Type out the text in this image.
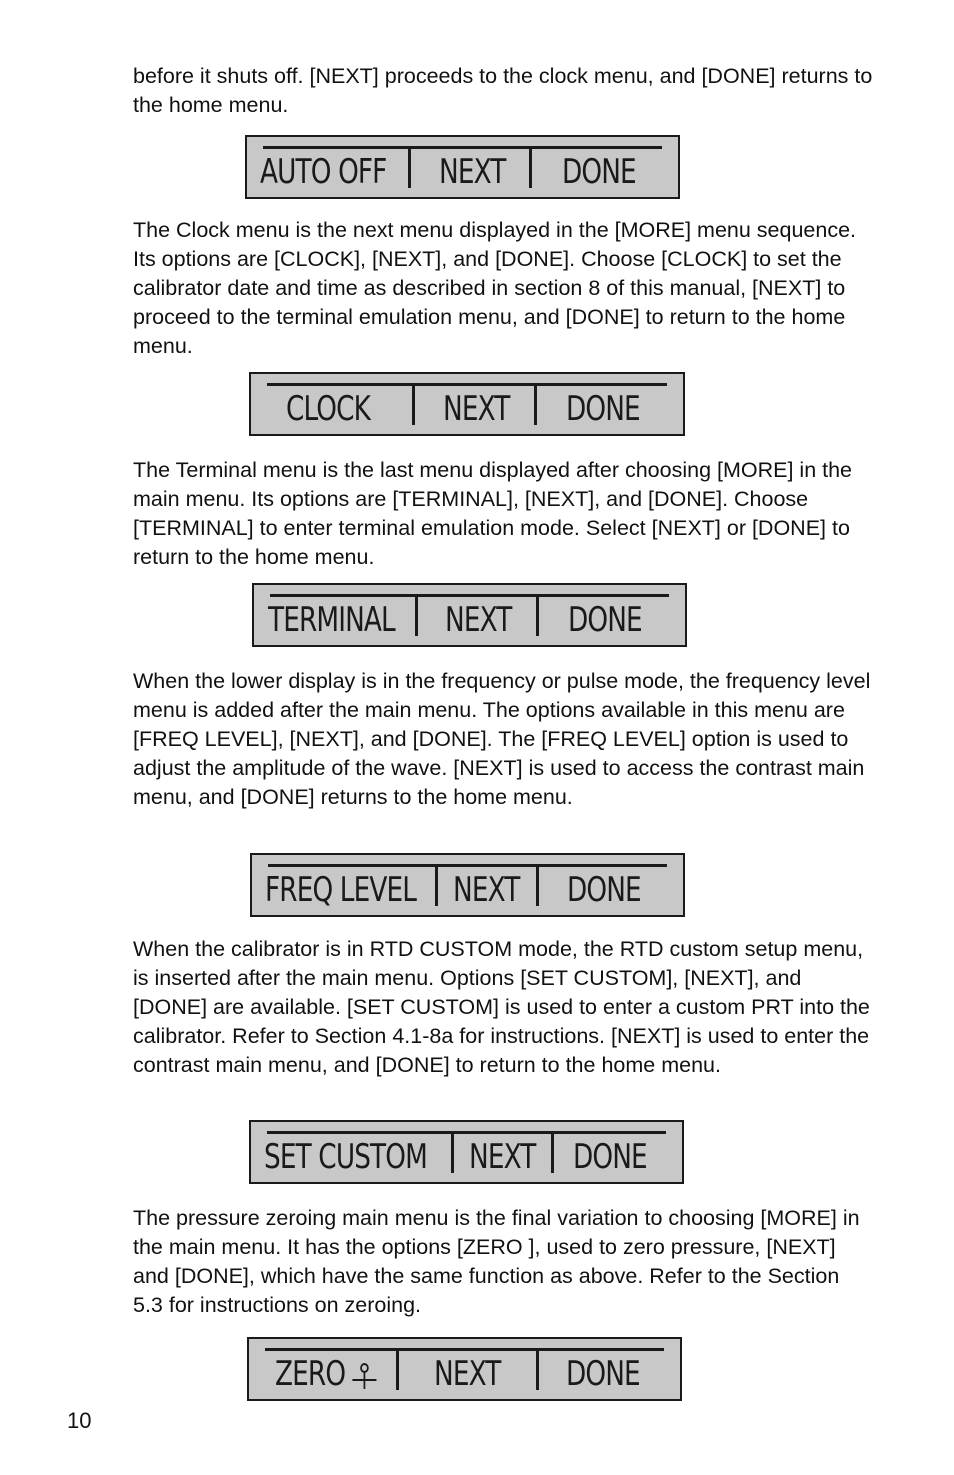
before it shuts off. [NEXT] proceeds to the clock menu, and [DONE] returns to the home menu.

AUTO OFF NEXT DONE

The Clock menu is the next menu displayed in the [MORE] menu sequence. Its options are [CLOCK], [NEXT], and [DONE]. Choose [CLOCK] to set the calibrator date and time as described in section 8 of this manual, [NEXT] to proceed to the terminal emulation menu, and [DONE] to return to the home menu.

CLOCK NEXT DONE

The Terminal menu is the last menu displayed after choosing [MORE] in the main menu. Its options are [TERMINAL], [NEXT], and [DONE]. Choose [TERMINAL] to enter terminal emulation mode. Select [NEXT] or [DONE] to return to the home menu.

TERMINAL NEXT DONE

When the lower display is in the frequency or pulse mode, the frequency level menu is added after the main menu. The options available in this menu are [FREQ LEVEL], [NEXT], and [DONE]. The [FREQ LEVEL] option is used to adjust the amplitude of the wave. [NEXT] is used to access the contrast main menu, and [DONE] returns to the home menu.

FREQ LEVEL NEXT DONE

When the calibrator is in RTD CUSTOM mode, the RTD custom setup menu, is inserted after the main menu. Options [SET CUSTOM], [NEXT], and [DONE] are available. [SET CUSTOM] is used to enter a custom PRT into the calibrator. Refer to Section 4.1-8a for instructions. [NEXT] is used to enter the contrast main menu, and [DONE] to return to the home menu.

SET CUSTOM NEXT DONE

The pressure zeroing main menu is the final variation to choosing [MORE] in the main menu. It has the options [ZERO ], used to zero pressure, [NEXT] and [DONE], which have the same function as above. Refer to the Section 5.3 for instructions on zeroing.

ZERO	NEXT DONE
10
